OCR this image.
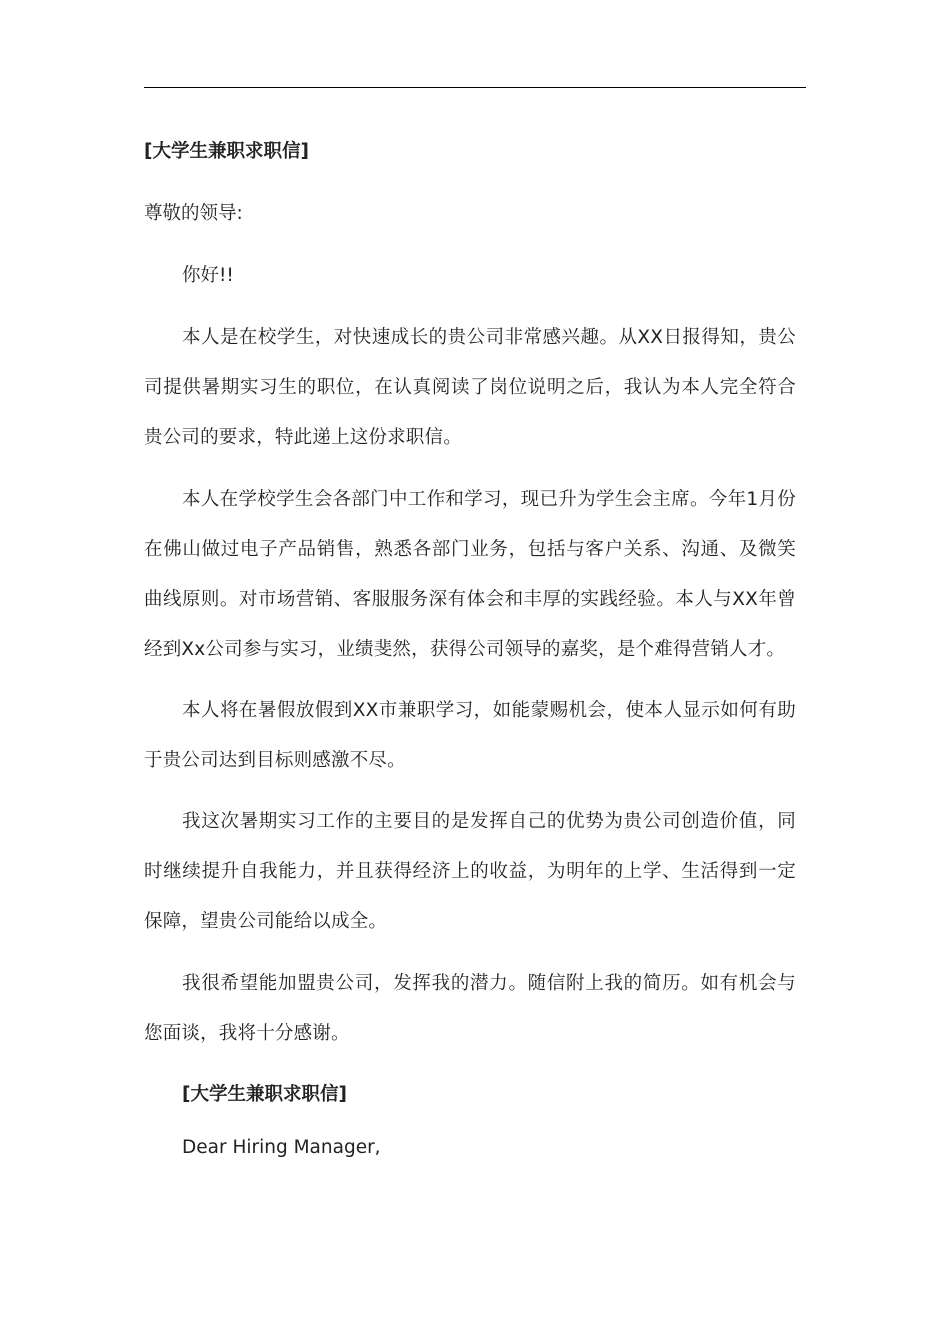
[大学生兼职求职信]
尊敬的领导:
你好!!
本人是在校学生，对快速成长的贵公司非常感兴趣。从XX日报得知，贵公司提供暑期实习生的职位，在认真阅读了岗位说明之后，我认为本人完全符合贵公司的要求，特此递上这份求职信。
本人在学校学生会各部门中工作和学习，现已升为学生会主席。今年1月份在佛山做过电子产品销售，熟悉各部门业务，包括与客户关系、沟通、及微笑曲线原则。对市场营销、客服服务深有体会和丰厚的实践经验。本人与XX年曾经到Xx公司参与实习，业绩斐然，获得公司领导的嘉奖，是个难得营销人才。
本人将在暑假放假到XX市兼职学习，如能蒙赐机会，使本人显示如何有助于贵公司达到目标则感激不尽。
我这次暑期实习工作的主要目的是发挥自己的优势为贵公司创造价值，同时继续提升自我能力，并且获得经济上的收益，为明年的上学、生活得到一定保障，望贵公司能给以成全。
我很希望能加盟贵公司，发挥我的潜力。随信附上我的简历。如有机会与您面谈，我将十分感谢。
[大学生兼职求职信]
Dear Hiring Manager,
